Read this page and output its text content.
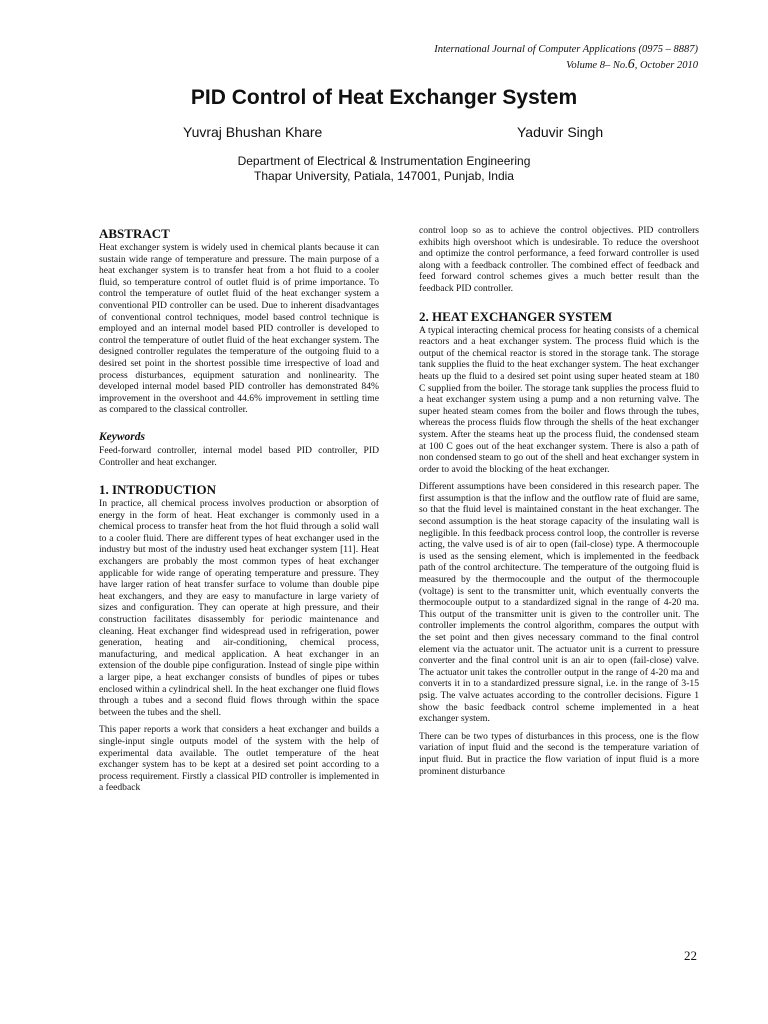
International Journal of Computer Applications (0975 – 8887)
Volume 8– No.6, October 2010
PID Control of Heat Exchanger System
Yuvraj Bhushan Khare	Yaduvir Singh
Department of Electrical & Instrumentation Engineering
Thapar University, Patiala, 147001, Punjab, India
ABSTRACT

Heat exchanger system is widely used in chemical plants because it can sustain wide range of temperature and pressure. The main purpose of a heat exchanger system is to transfer heat from a hot fluid to a cooler fluid, so temperature control of outlet fluid is of prime importance. To control the temperature of outlet fluid of the heat exchanger system a conventional PID controller can be used. Due to inherent disadvantages of conventional control techniques, model based control technique is employed and an internal model based PID controller is developed to control the temperature of outlet fluid of the heat exchanger system. The designed controller regulates the temperature of the outgoing fluid to a desired set point in the shortest possible time irrespective of load and process disturbances, equipment saturation and nonlinearity. The developed internal model based PID controller has demonstrated 84% improvement in the overshoot and 44.6% improvement in settling time as compared to the classical controller.

Keywords

Feed-forward controller, internal model based PID controller, PID Controller and heat exchanger.

1. INTRODUCTION

In practice, all chemical process involves production or absorption of energy in the form of heat. Heat exchanger is commonly used in a chemical process to transfer heat from the hot fluid through a solid wall to a cooler fluid. There are different types of heat exchanger used in the industry but most of the industry used heat exchanger system [11]. Heat exchangers are probably the most common types of heat exchanger applicable for wide range of operating temperature and pressure. They have larger ration of heat transfer surface to volume than double pipe heat exchangers, and they are easy to manufacture in large variety of sizes and configuration. They can operate at high pressure, and their construction facilitates disassembly for periodic maintenance and cleaning. Heat exchanger find widespread used in refrigeration, power generation, heating and air-conditioning, chemical process, manufacturing, and medical application. A heat exchanger in an extension of the double pipe configuration. Instead of single pipe within a larger pipe, a heat exchanger consists of bundles of pipes or tubes enclosed within a cylindrical shell. In the heat exchanger one fluid flows through a tubes and a second fluid flows through within the space between the tubes and the shell.

This paper reports a work that considers a heat exchanger and builds a single-input single outputs model of the system with the help of experimental data available. The outlet temperature of the heat exchanger system has to be kept at a desired set point according to a process requirement. Firstly a classical PID controller is implemented in a feedback

control loop so as to achieve the control objectives. PID controllers exhibits high overshoot which is undesirable. To reduce the overshoot and optimize the control performance, a feed forward controller is used along with a feedback controller. The combined effect of feedback and feed forward control schemes gives a much better result than the feedback PID controller.

2. HEAT EXCHANGER SYSTEM

A typical interacting chemical process for heating consists of a chemical reactors and a heat exchanger system. The process fluid which is the output of the chemical reactor is stored in the storage tank. The storage tank supplies the fluid to the heat exchanger system. The heat exchanger heats up the fluid to a desired set point using super heated steam at 180 C supplied from the boiler. The storage tank supplies the process fluid to a heat exchanger system using a pump and a non returning valve. The super heated steam comes from the boiler and flows through the tubes, whereas the process fluids flow through the shells of the heat exchanger system. After the steams heat up the process fluid, the condensed steam at 100 C goes out of the heat exchanger system. There is also a path of non condensed steam to go out of the shell and heat exchanger system in order to avoid the blocking of the heat exchanger.

Different assumptions have been considered in this research paper. The first assumption is that the inflow and the outflow rate of fluid are same, so that the fluid level is maintained constant in the heat exchanger. The second assumption is the heat storage capacity of the insulating wall is negligible. In this feedback process control loop, the controller is reverse acting, the valve used is of air to open (fail-close) type. A thermocouple is used as the sensing element, which is implemented in the feedback path of the control architecture. The temperature of the outgoing fluid is measured by the thermocouple and the output of the thermocouple (voltage) is sent to the transmitter unit, which eventually converts the thermocouple output to a standardized signal in the range of 4-20 ma. This output of the transmitter unit is given to the controller unit. The controller implements the control algorithm, compares the output with the set point and then gives necessary command to the final control element via the actuator unit. The actuator unit is a current to pressure converter and the final control unit is an air to open (fail-close) valve. The actuator unit takes the controller output in the range of 4-20 ma and converts it in to a standardized pressure signal, i.e. in the range of 3-15 psig. The valve actuates according to the controller decisions. Figure 1 show the basic feedback control scheme implemented in a heat exchanger system.

There can be two types of disturbances in this process, one is the flow variation of input fluid and the second is the temperature variation of input fluid. But in practice the flow variation of input fluid is a more prominent disturbance

22
